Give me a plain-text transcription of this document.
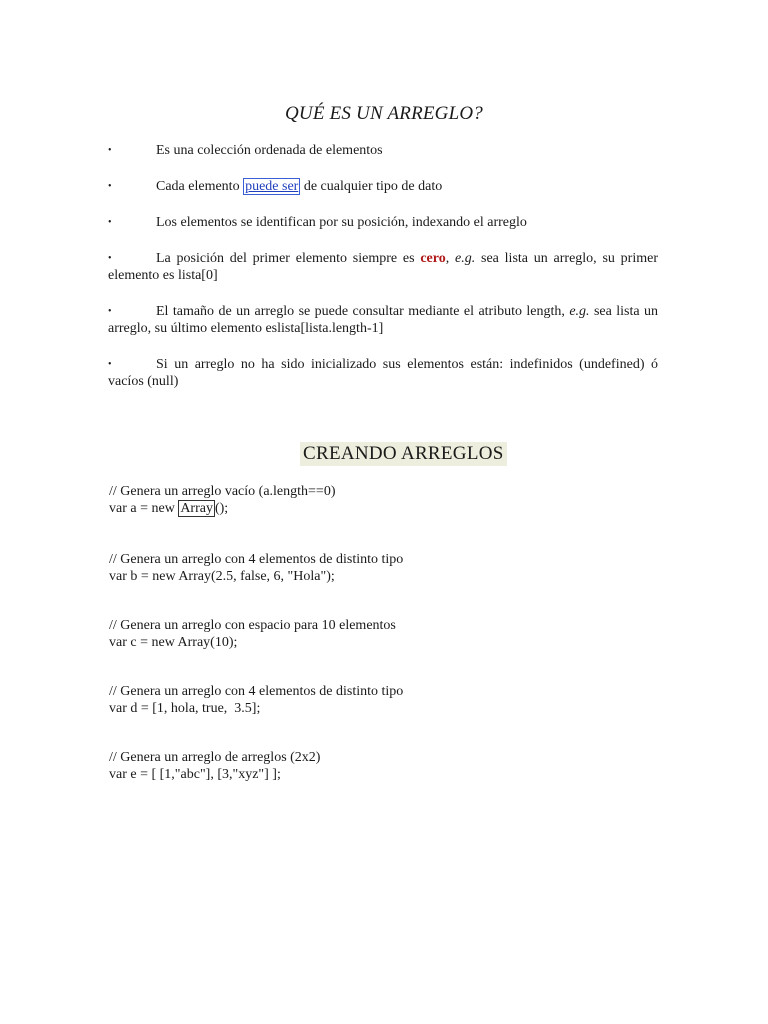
QUÉ ES UN ARREGLO?
•	Es una colección ordenada de elementos
•	Cada elemento puede ser de cualquier tipo de dato
•	Los elementos se identifican por su posición, indexando el arreglo
•	La posición del primer elemento siempre es cero, e.g. sea lista un arreglo, su primer elemento es lista[0]
•	El tamaño de un arreglo se puede consultar mediante el atributo length, e.g. sea lista un arreglo, su último elemento eslista[lista.length-1]
•	Si un arreglo no ha sido inicializado sus elementos están: indefinidos (undefined) ó vacíos (null)
CREANDO ARREGLOS
// Genera un arreglo vacío (a.length==0)
var a = new Array ();
// Genera un arreglo con 4 elementos de distinto tipo
var b = new Array(2.5, false, 6, "Hola");
// Genera un arreglo con espacio para 10 elementos
var c = new Array(10);
// Genera un arreglo con 4 elementos de distinto tipo
var d = [1, hola, true,  3.5];
// Genera un arreglo de arreglos (2x2)
var e = [ [1,"abc"], [3,"xyz"] ];
